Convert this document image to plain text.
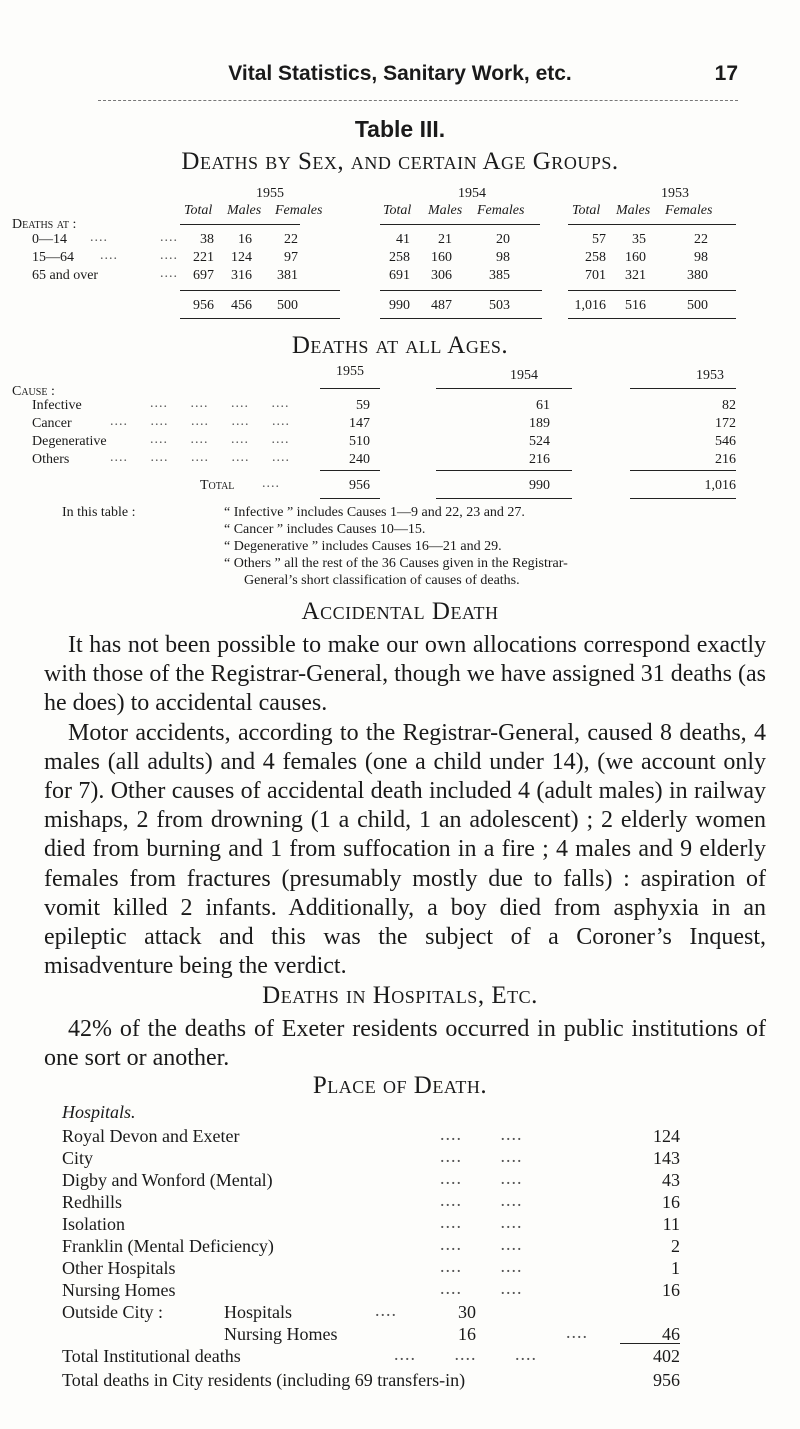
Vital Statistics, Sanitary Work, etc.	17
Table III.
Deaths by Sex, and certain Age Groups.
1955	1954	1953
Total Males Females	Total Males Females	Total Males Females
Deaths at :
0—14 ....	....	38	16	22	41	21	20	57	35	22
15—64 ....	....	221	124	97	258	160	98	258	160	98
65 and over	....	697	316	381	691	306	385	701	321	380
956	456	500	990	487	503	1,016	516	500
Deaths at all Ages.
1955	1954	1953
Cause :
Infective	....     ....     ....     ....	59	61	82
Cancer	....     ....     ....     ....     ....	147	189	172
Degenerative	....     ....     ....     ....	510	524	546
Others	....     ....     ....     ....     ....	240	216	216
Total ....	956	990	1,016
In this table :	“ Infective ” includes Causes 1—9 and 22, 23 and 27.
“ Cancer ” includes Causes 10—15.
“ Degenerative ” includes Causes 16—21 and 29.
“ Others ” all the rest of the 36 Causes given in the Registrar-
General’s short classification of causes of deaths.
Accidental Death

It has not been possible to make our own allocations correspond exactly with those of the Registrar-General, though we have assigned 31 deaths (as he does) to accidental causes.

Motor accidents, according to the Registrar-General, caused 8 deaths, 4 males (all adults) and 4 females (one a child under 14), (we account only for 7). Other causes of accidental death included 4 (adult males) in railway mishaps, 2 from drowning (1 a child, 1 an adolescent) ; 2 elderly women died from burning and 1 from suffocation in a fire ; 4 males and 9 elderly females from fractures (presumably mostly due to falls) : aspiration of vomit killed 2 infants. Additionally, a boy died from asphyxia in an epileptic attack and this was the subject of a Coroner’s Inquest, misadventure being the verdict.

Deaths in Hospitals, Etc.

42% of the deaths of Exeter residents occurred in public institutions of one sort or another.

Place of Death.
Hospitals.
Royal Devon and Exeter	....       ....	124
City	....       ....	143
Digby and Wonford (Mental)	....       ....	43
Redhills	....       ....	16
Isolation	....       ....	11
Franklin (Mental Deficiency)	....       ....	2
Other Hospitals	....       ....	1
Nursing Homes	....       ....	16
Outside City :	Hospitals	....	30
Nursing Homes	16	....	46
Total Institutional deaths	....       ....       ....	402
Total deaths in City residents (including 69 transfers-in)	956
